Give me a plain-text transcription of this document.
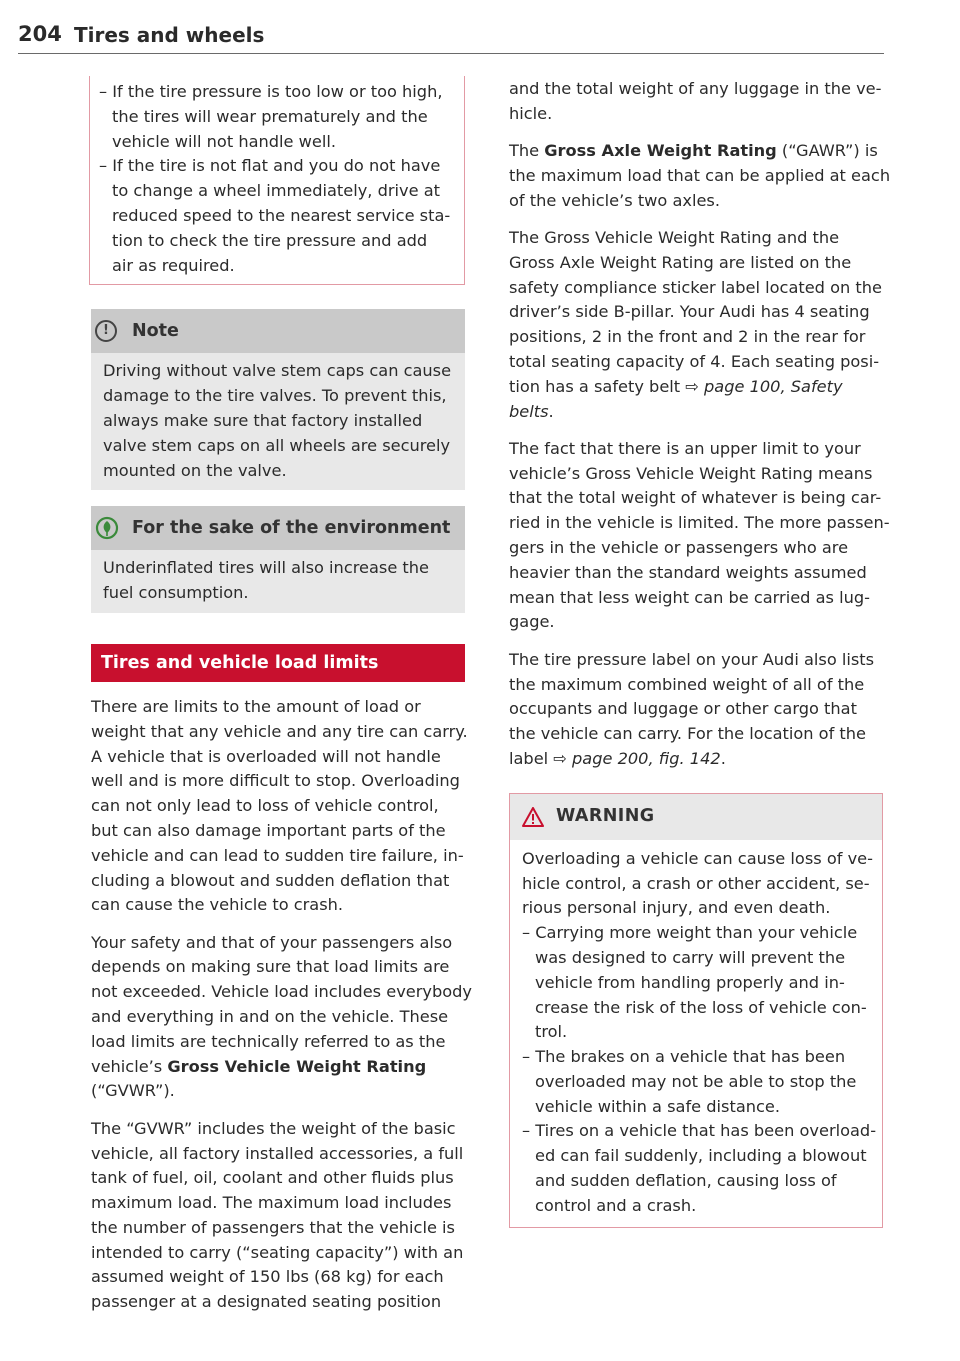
204 Tires and wheels
– If the tire pressure is too low or too high,
the tires will wear prematurely and the
vehicle will not handle well.
– If the tire is not flat and you do not have
to change a wheel immediately, drive at
reduced speed to the nearest service sta-
tion to check the tire pressure and add
air as required.
!	Note
Driving without valve stem caps can cause
damage to the tire valves. To prevent this,
always make sure that factory installed
valve stem caps on all wheels are securely
mounted on the valve.
For the sake of the environment
Underinflated tires will also increase the
fuel consumption.
Tires and vehicle load limits

There are limits to the amount of load or
weight that any vehicle and any tire can carry.
A vehicle that is overloaded will not handle
well and is more difficult to stop. Overloading
can not only lead to loss of vehicle control,
but can also damage important parts of the
vehicle and can lead to sudden tire failure, in-
cluding a blowout and sudden deflation that
can cause the vehicle to crash.

Your safety and that of your passengers also
depends on making sure that load limits are
not exceeded. Vehicle load includes everybody
and everything in and on the vehicle. These
load limits are technically referred to as the
vehicle’s Gross Vehicle Weight Rating
(“GVWR”).

The “GVWR” includes the weight of the basic
vehicle, all factory installed accessories, a full
tank of fuel, oil, coolant and other fluids plus
maximum load. The maximum load includes
the number of passengers that the vehicle is
intended to carry (“seating capacity”) with an
assumed weight of 150 lbs (68 kg) for each
passenger at a designated seating position

and the total weight of any luggage in the ve-
hicle.

The Gross Axle Weight Rating (“GAWR”) is
the maximum load that can be applied at each
of the vehicle’s two axles.

The Gross Vehicle Weight Rating and the
Gross Axle Weight Rating are listed on the
safety compliance sticker label located on the
driver’s side B-pillar. Your Audi has 4 seating
positions, 2 in the front and 2 in the rear for
total seating capacity of 4. Each seating posi-
tion has a safety belt ⇨ page 100, Safety
belts.

The fact that there is an upper limit to your
vehicle’s Gross Vehicle Weight Rating means
that the total weight of whatever is being car-
ried in the vehicle is limited. The more passen-
gers in the vehicle or passengers who are
heavier than the standard weights assumed
mean that less weight can be carried as lug-
gage.

The tire pressure label on your Audi also lists
the maximum combined weight of all of the
occupants and luggage or other cargo that
the vehicle can carry. For the location of the
label ⇨ page 200, fig. 142.

WARNING
Overloading a vehicle can cause loss of ve-
hicle control, a crash or other accident, se-
rious personal injury, and even death.
– Carrying more weight than your vehicle
was designed to carry will prevent the
vehicle from handling properly and in-
crease the risk of the loss of vehicle con-
trol.
– The brakes on a vehicle that has been
overloaded may not be able to stop the
vehicle within a safe distance.
– Tires on a vehicle that has been overload-
ed can fail suddenly, including a blowout
and sudden deflation, causing loss of
control and a crash.
